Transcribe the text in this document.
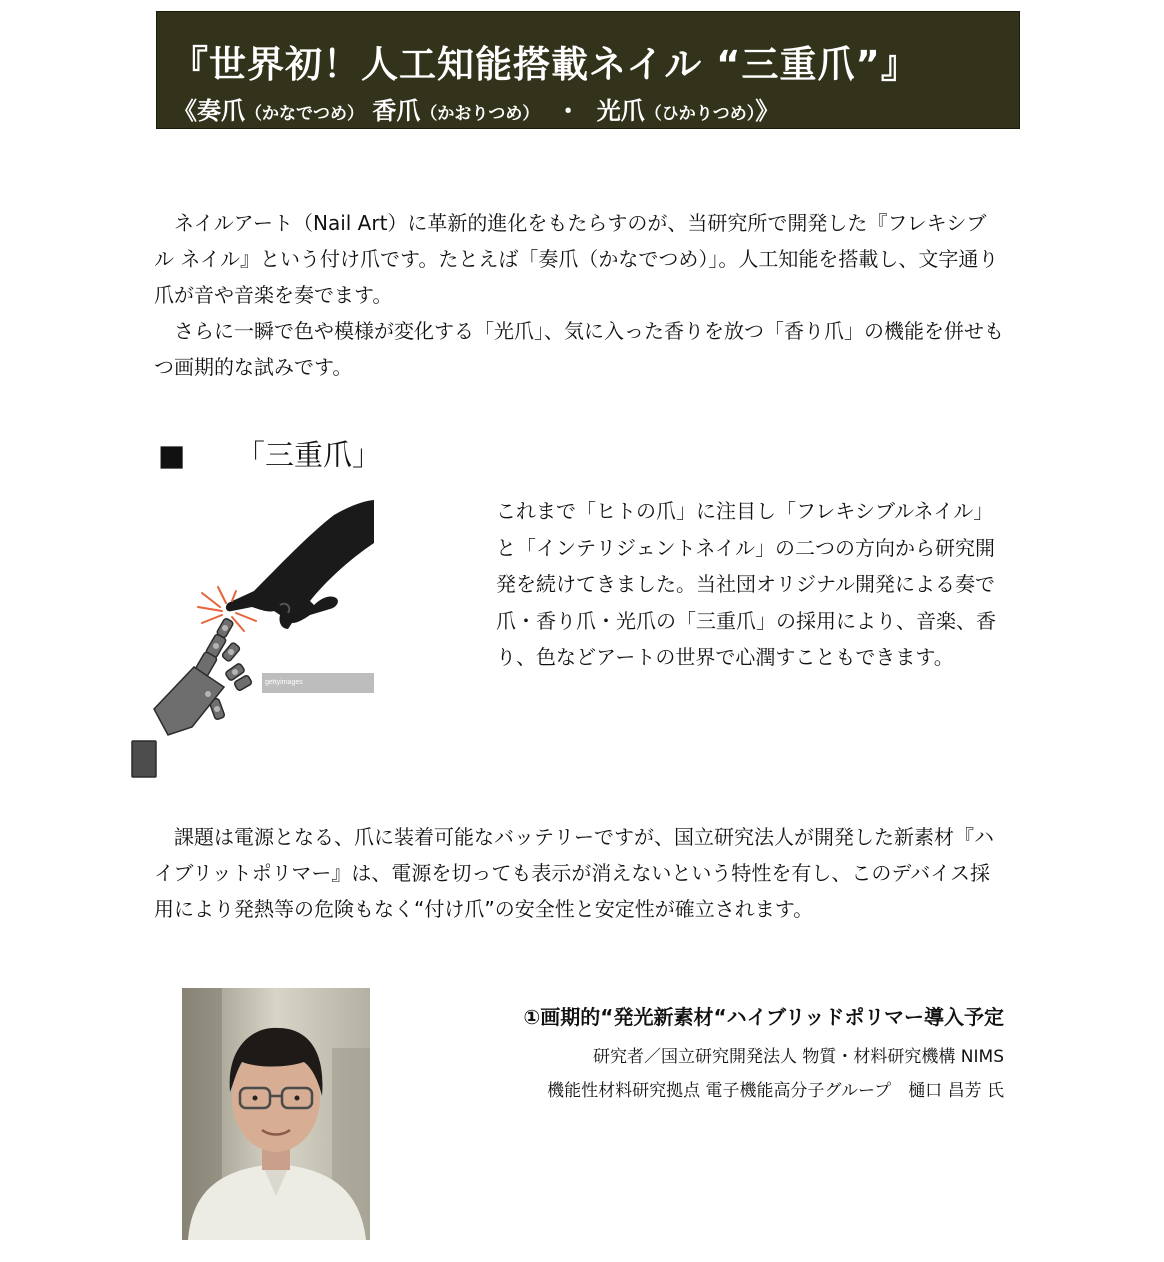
『世界初！人工知能搭載ネイル “三重爪”』
《奏爪（かなでつめ） 香爪（かおりつめ） ・ 光爪（ひかりつめ）》

ネイルアート（Nail Art）に革新的進化をもたらすのが、当研究所で開発した『フレキシブル ネイル』という付け爪です。たとえば「奏爪（かなでつめ）」。人工知能を搭載し、文字通り爪が音や音楽を奏でます。

さらに一瞬で色や模様が変化する「光爪」、気に入った香りを放つ「香り爪」の機能を併せもつ画期的な試みです。

■ 「三重爪」
gettyimages

これまで「ヒトの爪」に注目し「フレキシブルネイル」と「インテリジェントネイル」の二つの方向から研究開発を続けてきました。当社団オリジナル開発による奏で爪・香り爪・光爪の「三重爪」の採用により、音楽、香り、色などアートの世界で心潤すこともできます。

課題は電源となる、爪に装着可能なバッテリーですが、国立研究法人が開発した新素材『ハイブリットポリマー』は、電源を切っても表示が消えないという特性を有し、このデバイス採用により発熱等の危険もなく“付け爪”の安全性と安定性が確立されます。

①画期的“発光新素材“ハイブリッドポリマー導入予定
研究者／国立研究開発法人 物質・材料研究機構 NIMS
機能性材料研究拠点 電子機能高分子グループ　樋口 昌芳 氏
